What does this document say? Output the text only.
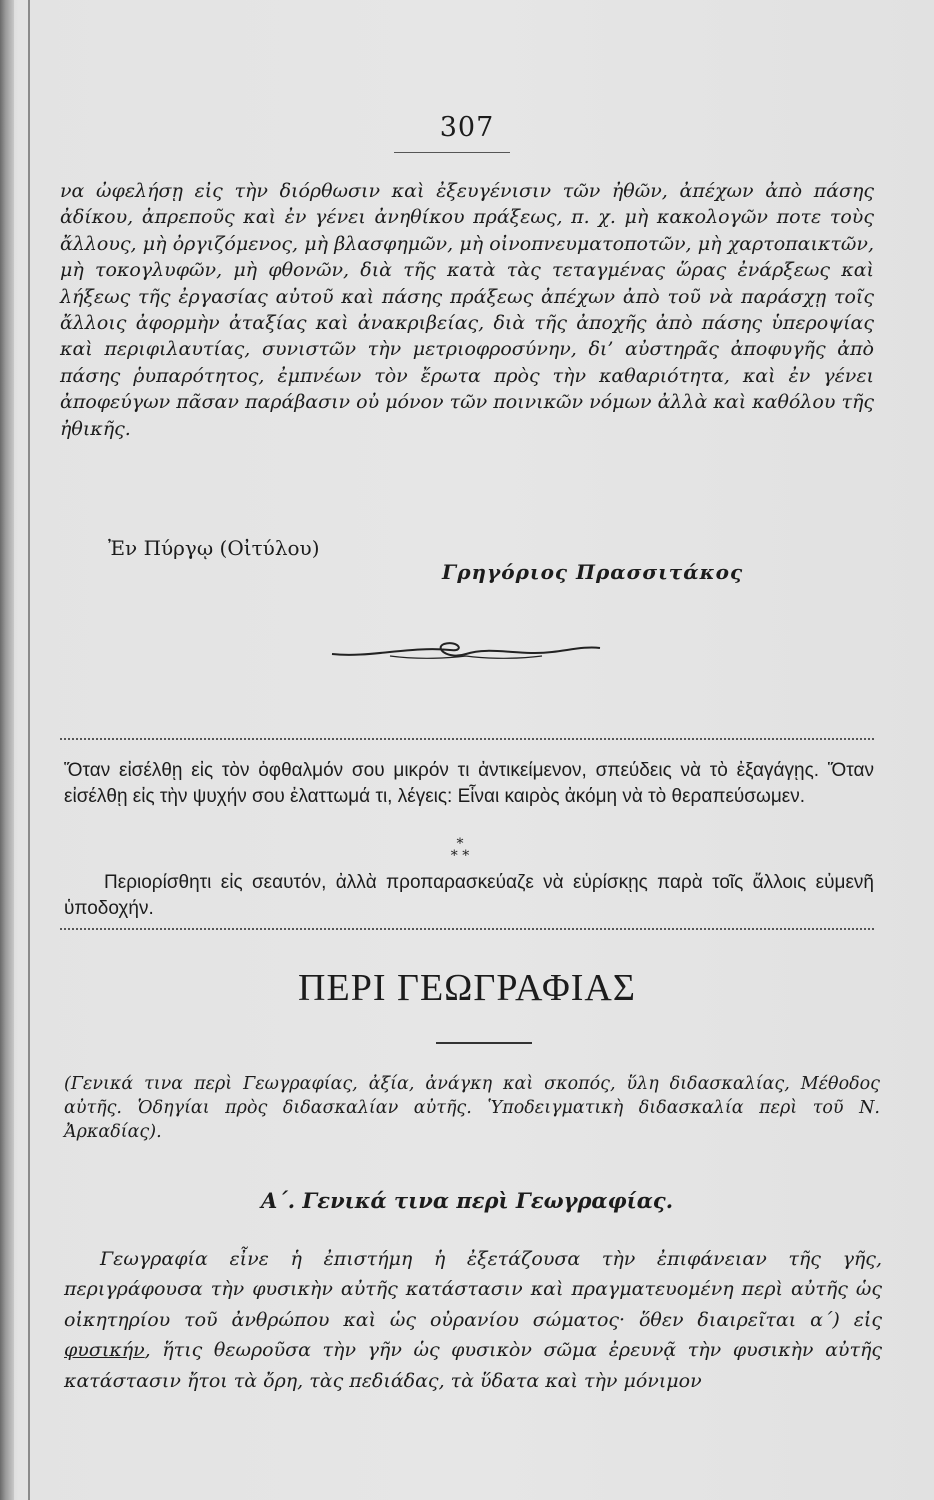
307

να ὠφελήσῃ εἰς τὴν διόρθωσιν καὶ ἐξευγένισιν τῶν ἠθῶν, ἀπέχων ἀπὸ πάσης ἀδίκου, ἀπρεποῦς καὶ ἐν γένει ἀνηθίκου πράξεως, π. χ. μὴ κακολογῶν ποτε τοὺς ἄλλους, μὴ ὀργιζόμενος, μὴ βλασφημῶν, μὴ οἰνοπνευματοποτῶν, μὴ χαρτοπαικτῶν, μὴ τοκογλυφῶν, μὴ φθονῶν, διὰ τῆς κατὰ τὰς τεταγμένας ὥρας ἐνάρξεως καὶ λήξεως τῆς ἐργασίας αὐτοῦ καὶ πάσης πράξεως ἀπέχων ἀπὸ τοῦ νὰ παράσχῃ τοῖς ἄλλοις ἀφορμὴν ἀταξίας καὶ ἀνακριβείας, διὰ τῆς ἀποχῆς ἀπὸ πάσης ὑπεροψίας καὶ περιφιλαυτίας, συνιστῶν τὴν μετριοφροσύνην, δι’ αὐστηρᾶς ἀποφυγῆς ἀπὸ πάσης ῥυπαρότητος, ἐμπνέων τὸν ἔρωτα πρὸς τὴν καθαριότητα, καὶ ἐν γένει ἀποφεύγων πᾶσαν παράβασιν οὐ μόνον τῶν ποινικῶν νόμων ἀλλὰ καὶ καθόλου τῆς ἠθικῆς.

Ἐν Πύργῳ (Οἰτύλου)
Γρηγόριος Πρασσιτάκος

Ὅταν εἰσέλθῃ εἰς τὸν ὀφθαλμόν σου μικρόν τι ἀντικείμενον, σπεύδεις νὰ τὸ ἐξαγάγῃς. Ὅταν εἰσέλθῃ εἰς τὴν ψυχήν σου ἐλαττωμά τι, λέγεις: Εἶναι καιρὸς ἀκόμη νὰ τὸ θεραπεύσωμεν.

*
* *

Περιορίσθητι εἰς σεαυτόν, ἀλλὰ προπαρασκεύαζε νὰ εὑρίσκῃς παρὰ τοῖς ἄλλοις εὐμενῆ ὑποδοχήν.

ΠΕΡΙ ΓΕΩΓΡΑΦΙΑΣ

(Γενικά τινα περὶ Γεωγραφίας, ἀξία, ἀνάγκη καὶ σκοπός, ὕλη διδασκαλίας, Μέθοδος αὐτῆς. Ὁδηγίαι πρὸς διδασκαλίαν αὐτῆς. Ὑποδειγματικὴ διδασκαλία περὶ τοῦ Ν. Ἀρκαδίας).

Α΄. Γενικά τινα περὶ Γεωγραφίας.

Γεωγραφία εἶνε ἡ ἐπιστήμη ἡ ἐξετάζουσα τὴν ἐπιφάνειαν τῆς γῆς, περιγράφουσα τὴν φυσικὴν αὐτῆς κατάστασιν καὶ πραγματευομένη περὶ αὐτῆς ὡς οἰκητηρίου τοῦ ἀνθρώπου καὶ ὡς οὐρανίου σώματος· ὅθεν διαιρεῖται α΄) εἰς φυσικήν, ἥτις θεωροῦσα τὴν γῆν ὡς φυσικὸν σῶμα ἐρευνᾷ τὴν φυσικὴν αὐτῆς κατάστασιν ἤτοι τὰ ὄρη, τὰς πεδιάδας, τὰ ὕδατα καὶ τὴν μόνιμον
